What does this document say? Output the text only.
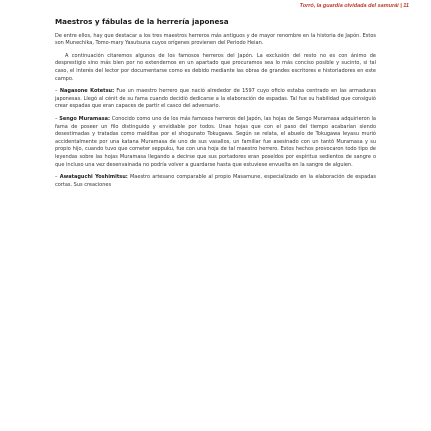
Torró, la guardia olvidada del samurái | 11
Maestros y fábulas de la herrería japonesa

De entre ellos, hay que destacar a los tres maestros herreros más antiguos y de mayor renombre en la historia de Japón. Estos son Munechika, Tomo-mary Yasutsuna cuyos orígenes provienen del Periodo Heian.

A continuación citaremos algunos de los famosos herreros del Japón. La exclusión del resto no es con ánimo de desprestigio sino más bien por no extendernos en un apartado que procuramos sea lo más conciso posible y sucinto, si tal caso, el interés del lector por documentarse como es debido mediante las obras de grandes escritores e historiadores en este campo.

– Nagasone Kotetsu: Fue un maestro herrero que nació alrededor de 1597 cuyo oficio estaba centrado en las armaduras japonesas. Llegó al cénit de su fama cuando decidió dedicarse a la elaboración de espadas. Tal fue su habilidad que consiguió crear espadas que eran capaces de partir el casco del adversario.
– Sengo Muramasa: Conocido como uno de los más famosos herreros del Japón, las hojas de Sengo Muramasa adquirieron la fama de poseer un filo distinguido y envidiable por todos. Unas hojas que con el paso del tiempo acabarían siendo desestimadas y tratadas como malditas por el shogunato Tokugawa. Según se relata, el abuelo de Tokugawa Ieyasu murió accidentalmente por una katana Muramasa de uno de sus vasallos, un familiar fue asesinado con un tantō Muramasa y su propio hijo, cuando tuvo que cometer seppuku, fue con una hoja de tal maestro herrero. Estos hechos provocaron todo tipo de leyendas sobre las hojas Muramasa llegando a decirse que sus portadores eran poseídos por espíritus sedientos de sangre o que incluso una vez desenvainada no podría volver a guardarse hasta que estuviese envuelta en la sangre de alguien.
– Awataguchi Yoshimitsu: Maestro artesano comparable al propio Masamune, especializado en la elaboración de espadas cortas. Sus creaciones
